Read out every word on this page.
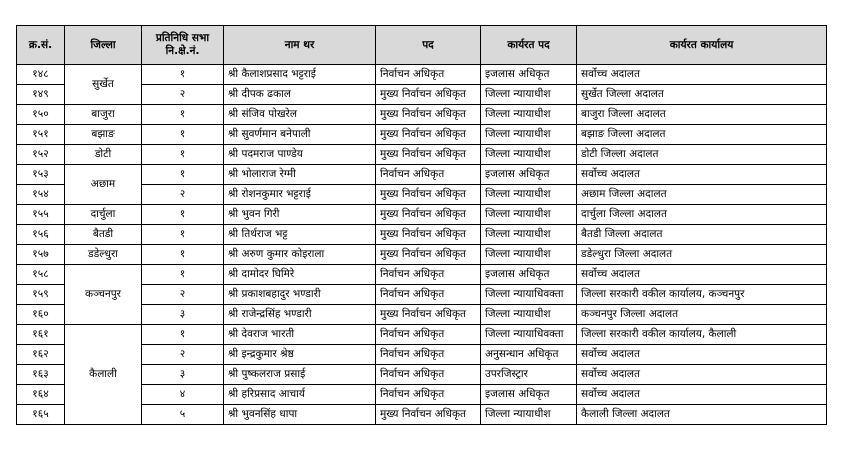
क्र.सं.	जिल्ला	प्रतिनिधि सभा नि.क्षे.नं.	नाम थर	पद	कार्यरत पद	कार्यरत कार्यालय
१४८	सुर्खेत	१	श्री कैलाशप्रसाद भट्टराई	निर्वाचन अधिकृत	इजलास अधिकृत	सर्वोच्च अदालत
१४९		२	श्री दीपक ढकाल	मुख्य निर्वाचन अधिकृत	जिल्ला न्यायाधीश	सुर्खेत जिल्ला अदालत
१५०	बाजुरा	१	श्री संजिव पोखरेल	मुख्य निर्वाचन अधिकृत	जिल्ला न्यायाधीश	बाजुरा जिल्ला अदालत
१५१	बझाङ	१	श्री सुवर्णमान बनेपाली	मुख्य निर्वाचन अधिकृत	जिल्ला न्यायाधीश	बझाङ जिल्ला अदालत
१५२	डोटी	१	श्री पदमराज पाण्डेय	मुख्य निर्वाचन अधिकृत	जिल्ला न्यायाधीश	डोटी जिल्ला अदालत
१५३	अछाम	१	श्री भोलाराज रेग्मी	निर्वाचन अधिकृत	इजलास अधिकृत	सर्वोच्च अदालत
१५४		२	श्री रोशनकुमार भट्टराई	मुख्य निर्वाचन अधिकृत	जिल्ला न्यायाधीश	अछाम जिल्ला अदालत
१५५	दार्चुला	१	श्री भुवन गिरी	मुख्य निर्वाचन अधिकृत	जिल्ला न्यायाधीश	दार्चुला जिल्ला अदालत
१५६	बैतडी	१	श्री तिर्थराज भट्ट	मुख्य निर्वाचन अधिकृत	जिल्ला न्यायाधीश	बैतडी जिल्ला अदालत
१५७	डडेल्धुरा	१	श्री अरुण कुमार कोइराला	मुख्य निर्वाचन अधिकृत	जिल्ला न्यायाधीश	डडेल्धुरा जिल्ला अदालत
१५८	कञ्चनपुर	१	श्री दामोदर घिमिरे	निर्वाचन अधिकृत	इजलास अधिकृत	सर्वोच्च अदालत
१५९		२	श्री प्रकाशबहादुर भण्डारी	निर्वाचन अधिकृत	जिल्ला न्यायाधिवक्ता	जिल्ला सरकारी वकील कार्यालय, कञ्चनपुर
१६०		३	श्री राजेन्द्रसिंह भण्डारी	मुख्य निर्वाचन अधिकृत	जिल्ला न्यायाधीश	कञ्चनपुर जिल्ला अदालत
१६१	कैलाली	१	श्री देवराज भारती	निर्वाचन अधिकृत	जिल्ला न्यायाधिवक्ता	जिल्ला सरकारी वकील कार्यालय, कैलाली
१६२		२	श्री इन्द्रकुमार श्रेष्ठ	निर्वाचन अधिकृत	अनुसन्धान अधिकृत	सर्वोच्च अदालत
१६३		३	श्री पुष्कलराज प्रसाई	निर्वाचन अधिकृत	उपरजिस्ट्रार	सर्वोच्च अदालत
१६४		४	श्री हरिप्रसाद आचार्य	निर्वाचन अधिकृत	इजलास अधिकृत	सर्वोच्च अदालत
१६५		५	श्री भुवनसिंह धापा	मुख्य निर्वाचन अधिकृत	जिल्ला न्यायाधीश	कैलाली जिल्ला अदालत
